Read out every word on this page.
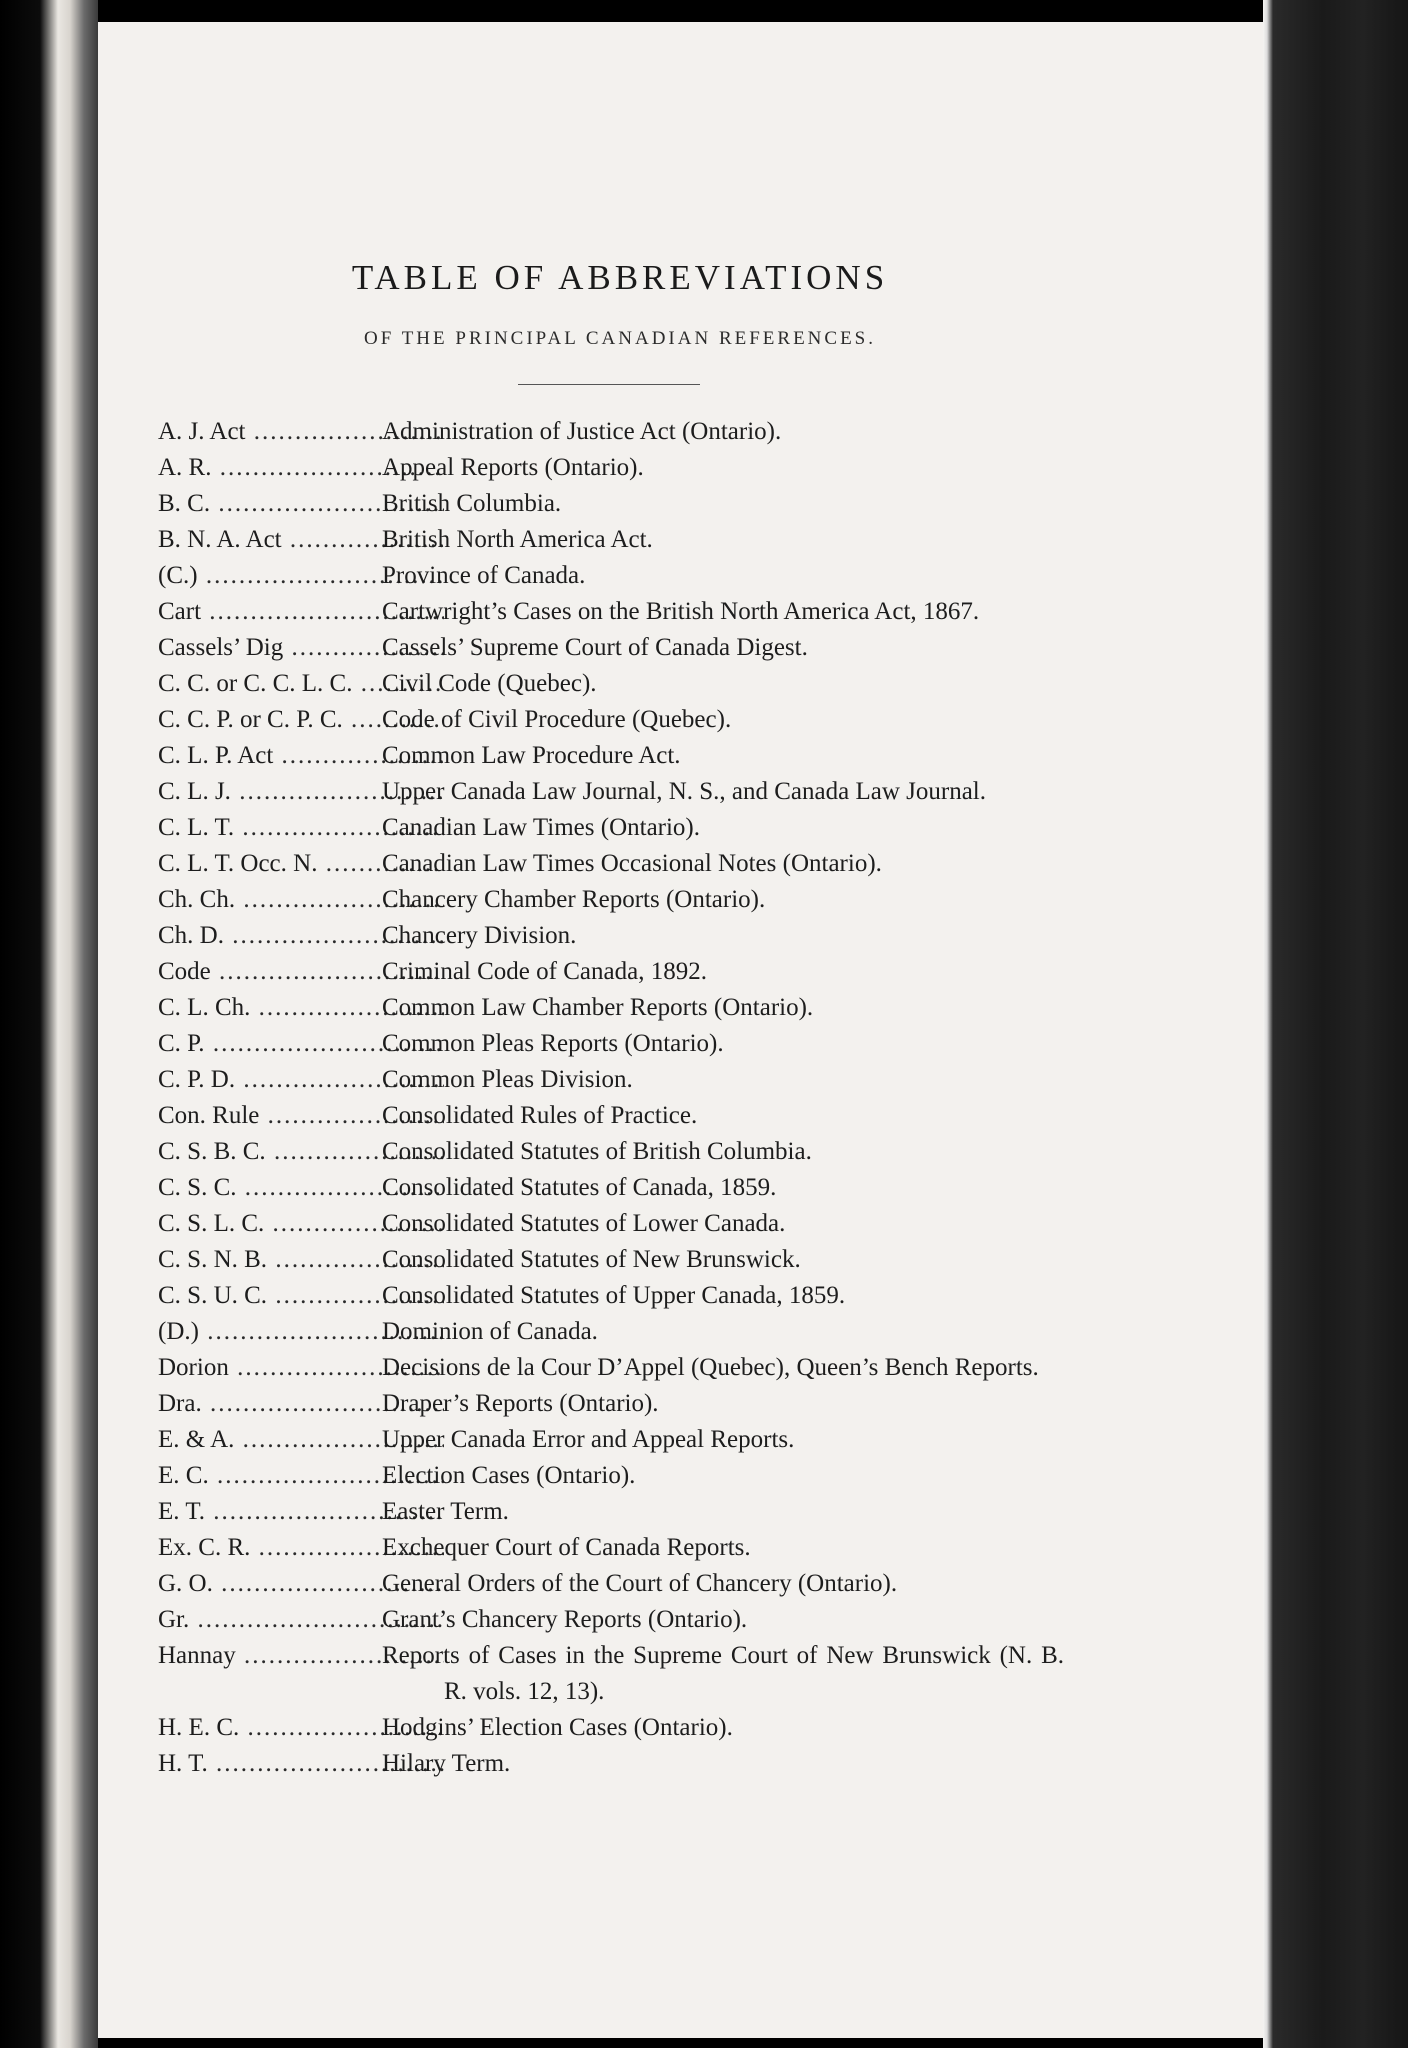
TABLE OF ABBREVIATIONS
OF THE PRINCIPAL CANADIAN REFERENCES.
A. J. Act .....	Administration of Justice Act (Ontario).
A. R. .....	Appeal Reports (Ontario).
B. C. .....	British Columbia.
B. N. A. Act .....	British North America Act.
(C.) .....	Province of Canada.
Cart .....	Cartwright’s Cases on the British North America Act, 1867.
Cassels’ Dig .....	Cassels’ Supreme Court of Canada Digest.
C. C. or C. C. L. C. .....	Civil Code (Quebec).
C. C. P. or C. P. C. .....	Code of Civil Procedure (Quebec).
C. L. P. Act .....	Common Law Procedure Act.
C. L. J. .....	Upper Canada Law Journal, N. S., and Canada Law Journal.
C. L. T. .....	Canadian Law Times (Ontario).
C. L. T. Occ. N. .....	Canadian Law Times Occasional Notes (Ontario).
Ch. Ch. .....	Chancery Chamber Reports (Ontario).
Ch. D. .....	Chancery Division.
Code .....	Criminal Code of Canada, 1892.
C. L. Ch. .....	Common Law Chamber Reports (Ontario).
C. P. .....	Common Pleas Reports (Ontario).
C. P. D. .....	Common Pleas Division.
Con. Rule .....	Consolidated Rules of Practice.
C. S. B. C. .....	Consolidated Statutes of British Columbia.
C. S. C. .....	Consolidated Statutes of Canada, 1859.
C. S. L. C. .....	Consolidated Statutes of Lower Canada.
C. S. N. B. .....	Consolidated Statutes of New Brunswick.
C. S. U. C. .....	Consolidated Statutes of Upper Canada, 1859.
(D.) .....	Dominion of Canada.
Dorion .....	Decisions de la Cour D’Appel (Quebec), Queen’s Bench Reports.
Dra. .....	Draper’s Reports (Ontario).
E. & A. .....	Upper Canada Error and Appeal Reports.
E. C. .....	Election Cases (Ontario).
E. T. .....	Easter Term.
Ex. C. R. .....	Exchequer Court of Canada Reports.
G. O. .....	General Orders of the Court of Chancery (Ontario).
Gr. .....	Grant’s Chancery Reports (Ontario).
Hannay .....	Reports of Cases in the Supreme Court of New Brunswick (N. B. R. vols. 12, 13).
H. E. C. .....	Hodgins’ Election Cases (Ontario).
H. T. .....	Hilary Term.
